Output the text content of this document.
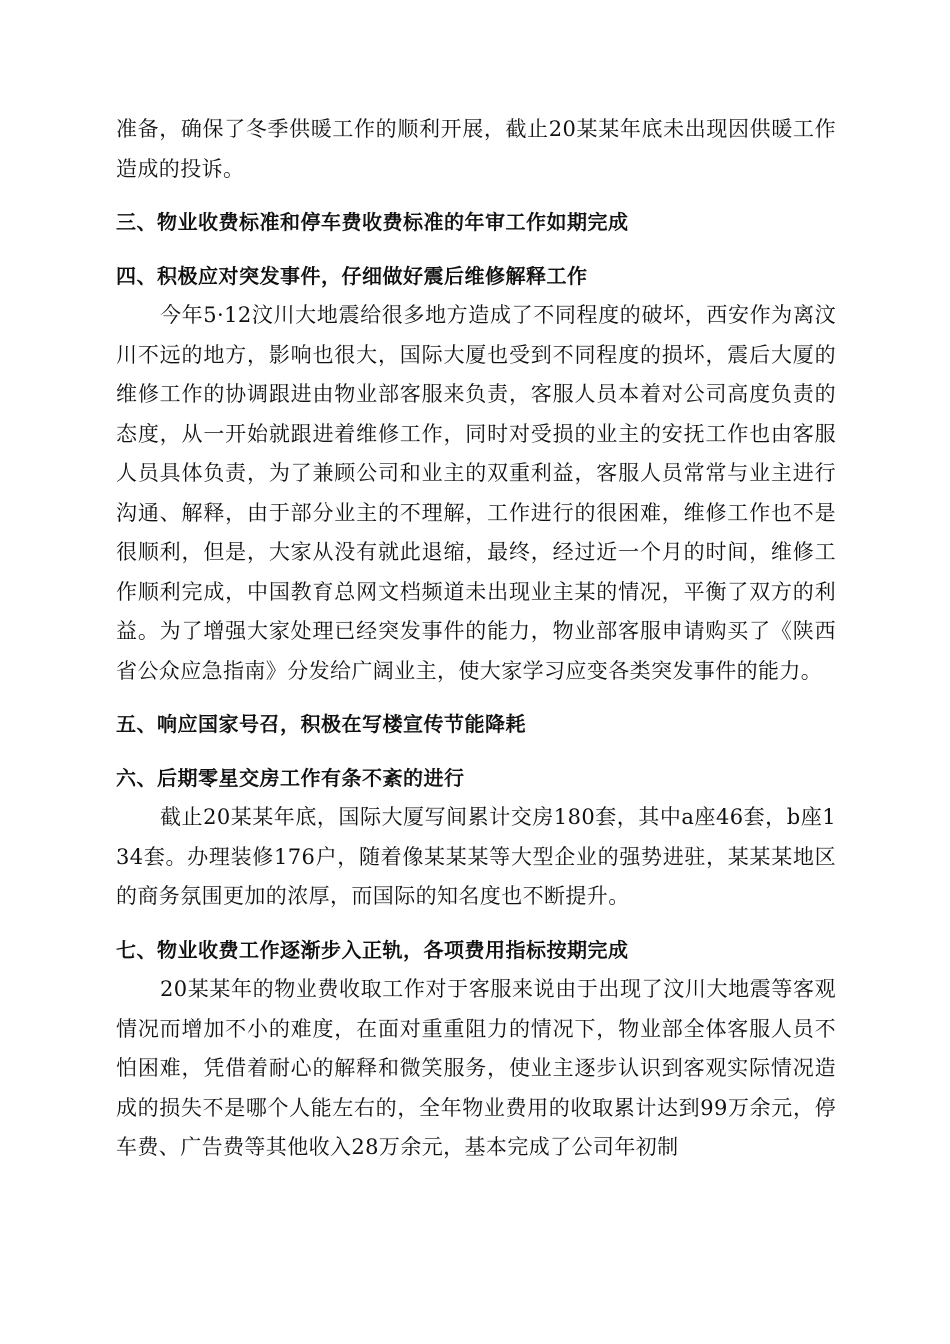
准备，确保了冬季供暖工作的顺利开展，截止20某某年底未出现因供暖工作造成的投诉。

三、物业收费标准和停车费收费标准的年审工作如期完成
四、积极应对突发事件，仔细做好震后维修解释工作

今年5·12汶川大地震给很多地方造成了不同程度的破坏，西安作为离汶川不远的地方，影响也很大，国际大厦也受到不同程度的损坏，震后大厦的维修工作的协调跟进由物业部客服来负责，客服人员本着对公司高度负责的态度，从一开始就跟进着维修工作，同时对受损的业主的安抚工作也由客服人员具体负责，为了兼顾公司和业主的双重利益，客服人员常常与业主进行沟通、解释，由于部分业主的不理解，工作进行的很困难，维修工作也不是很顺利，但是，大家从没有就此退缩，最终，经过近一个月的时间，维修工作顺利完成，中国教育总网文档频道未出现业主某的情况，平衡了双方的利益。为了增强大家处理已经突发事件的能力，物业部客服申请购买了《陕西省公众应急指南》分发给广阔业主，使大家学习应变各类突发事件的能力。

五、响应国家号召，积极在写楼宣传节能降耗
六、后期零星交房工作有条不紊的进行

截止20某某年底，国际大厦写间累计交房180套，其中a座46套，b座134套。办理装修176户，随着像某某某等大型企业的强势进驻，某某某地区的商务氛围更加的浓厚，而国际的知名度也不断提升。

七、物业收费工作逐渐步入正轨，各项费用指标按期完成

20某某年的物业费收取工作对于客服来说由于出现了汶川大地震等客观情况而增加不小的难度，在面对重重阻力的情况下，物业部全体客服人员不怕困难，凭借着耐心的解释和微笑服务，使业主逐步认识到客观实际情况造成的损失不是哪个人能左右的，全年物业费用的收取累计达到99万余元，停车费、广告费等其他收入28万余元，基本完成了公司年初制
